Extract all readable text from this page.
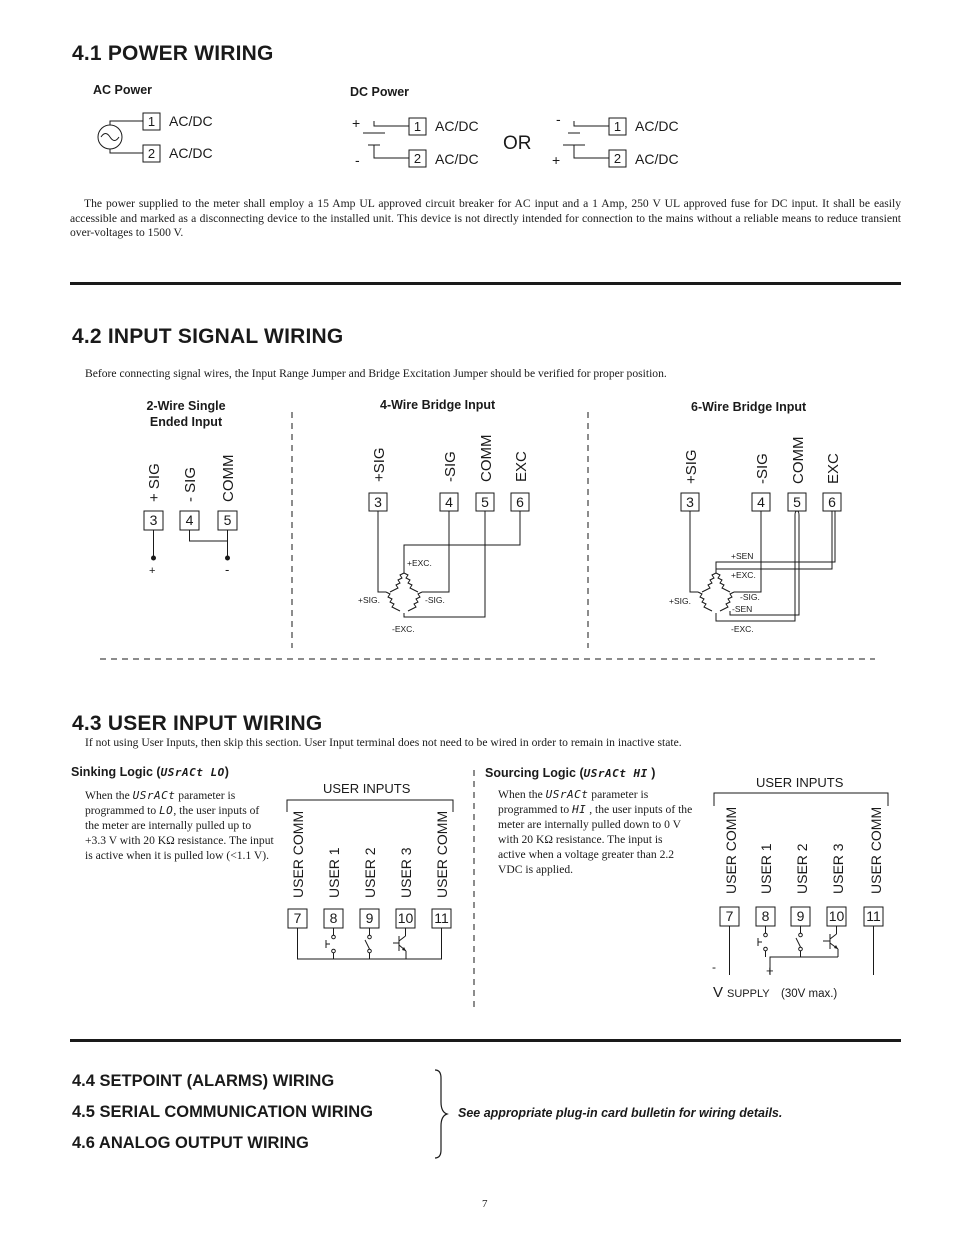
4.1 POWER WIRING
AC Power	DC Power
1 AC/DC
2 AC/DC
+
-
1 AC/DC
2 AC/DC
OR
-
+
1 AC/DC
2 AC/DC
The power supplied to the meter shall employ a 15 Amp UL approved circuit breaker for AC input and a 1 Amp, 250 V UL approved fuse for DC input. It shall be easily accessible and marked as a disconnecting device to the installed unit. This device is not directly intended for connection to the mains without a reliable means to reduce transient over-voltages to 1500 V.
4.2 INPUT SIGNAL WIRING
Before connecting signal wires, the Input Range Jumper and Bridge Excitation Jumper should be verified for proper position.
2-Wire Single
Ended Input
4-Wire Bridge Input	6-Wire Bridge Input
+ SIG - SIG COMM
3 4 5
+	-
+SIG	-SIG COMM EXC
3	4 5 6
+EXC.
+SIG.	-SIG.
-EXC.
+SIG	-SIG COMM EXC
3	4 5 6
+SEN
+EXC.
+SIG.	-SIG.
-SEN
-EXC.
4.3 USER INPUT WIRING
If not using User Inputs, then skip this section. User Input terminal does not need to be wired in order to remain in inactive state.
Sinking Logic (USrACt LO)
When the USrACt parameter is programmed to LO, the user inputs of the meter are internally pulled up to +3.3 V with 20 KΩ resistance. The input is active when it is pulled low (<1.1 V).
Sourcing Logic (USrACt HI )
When the USrACt parameter is programmed to HI , the user inputs of the meter are internally pulled down to 0 V with 20 KΩ resistance. The input is active when a voltage greater than 2.2 VDC is applied.
USER INPUTS
USER COMM USER 1 USER 2 USER 3 USER COMM
7 8 9 10 11
USER INPUTS
USER COMM USER 1 USER 2 USER 3 USER COMM
7 8 9 10 11
-	+
V SUPPLY (30V max.)
4.4 SETPOINT (ALARMS) WIRING
4.5 SERIAL COMMUNICATION WIRING
4.6 ANALOG OUTPUT WIRING
See appropriate plug-in card bulletin for wiring details.
7
